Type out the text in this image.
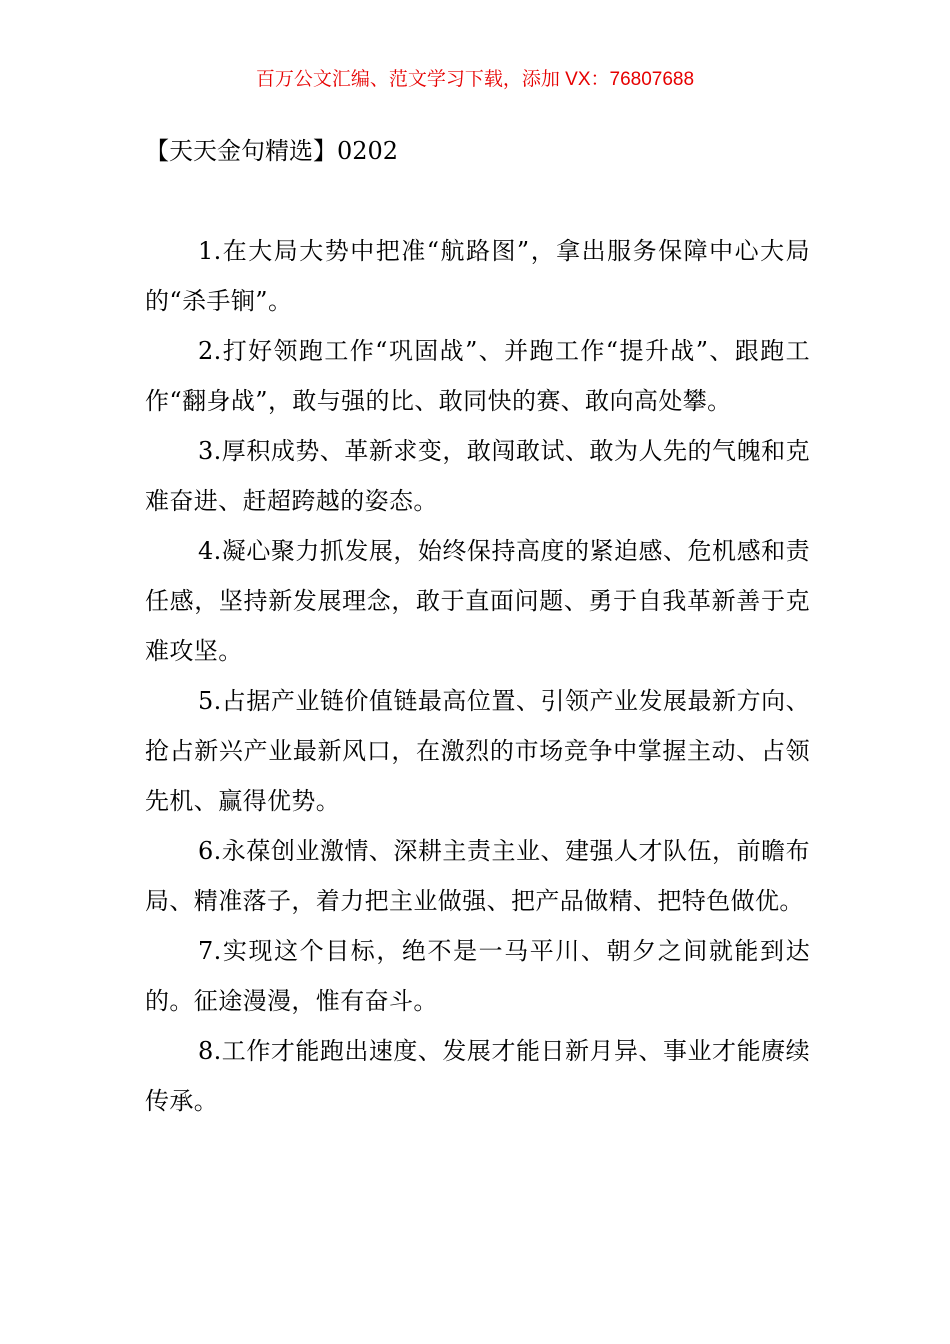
百万公文汇编、范文学习下载，添加 VX：76807688
【天天金句精选】0202

1.在大局大势中把准“航路图”，拿出服务保障中心大局的“杀手锏”。

2.打好领跑工作“巩固战”、并跑工作“提升战”、跟跑工作“翻身战”，敢与强的比、敢同快的赛、敢向高处攀。

3.厚积成势、革新求变，敢闯敢试、敢为人先的气魄和克难奋进、赶超跨越的姿态。

4.凝心聚力抓发展，始终保持高度的紧迫感、危机感和责任感，坚持新发展理念，敢于直面问题、勇于自我革新善于克难攻坚。

5.占据产业链价值链最高位置、引领产业发展最新方向、抢占新兴产业最新风口，在激烈的市场竞争中掌握主动、占领先机、赢得优势。

6.永葆创业激情、深耕主责主业、建强人才队伍，前瞻布局、精准落子，着力把主业做强、把产品做精、把特色做优。

7.实现这个目标，绝不是一马平川、朝夕之间就能到达的。征途漫漫，惟有奋斗。

8.工作才能跑出速度、发展才能日新月异、事业才能赓续传承。
